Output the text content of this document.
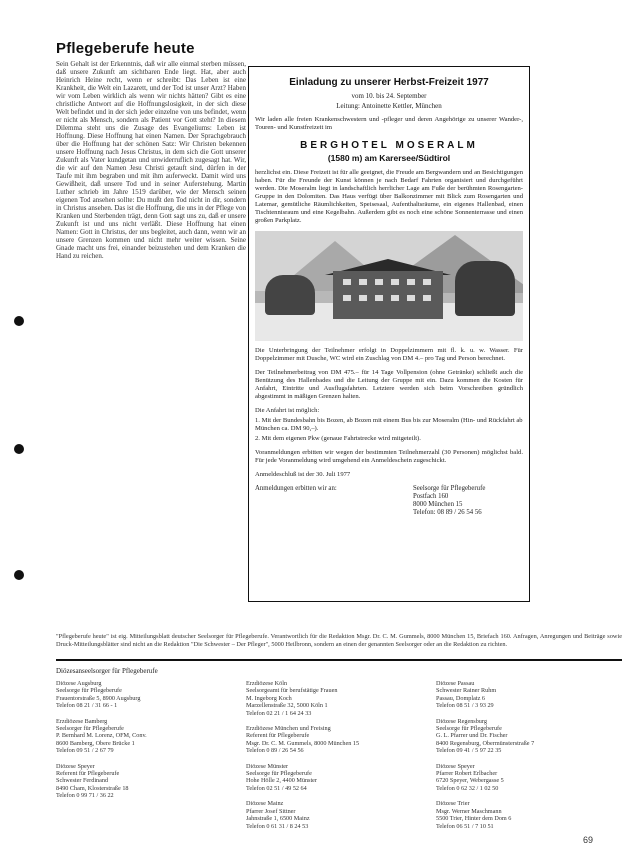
Pflegeberufe heute

Sein Gehalt ist der Erkenntnis, daß wir alle einmal sterben müssen, daß unsere Zukunft am sichtbaren Ende liegt. Hat, aber auch Heinrich Heine recht, wenn er schreibt: Das Leben ist eine Krankheit, die Welt ein Lazarett, und der Tod ist unser Arzt? Haben wir vom Leben wirklich als wenn wir nichts hätten? Gibt es eine christliche Antwort auf die Hoffnungslosigkeit, in der sich diese Welt befindet und in der sich jeder einzelne von uns befindet, wenn er nicht als Mensch, sondern als Patient vor Gott steht? In diesem Dilemma steht uns die Zusage des Evangeliums: Leben ist Hoffnung. Diese Hoffnung hat einen Namen. Der Sprachgebrauch über die Hoffnung hat der schönen Satz: Wir Christen bekennen unsere Hoffnung nach Jesus Christus, in dem sich die Gott unserer Zukunft als Vater kundgetan und unwiderruflich zugesagt hat. Wir, die wir auf den Namen Jesu Christi getauft sind, dürfen in der Taufe mit ihm begraben und mit ihm auferweckt. Damit wird uns Gewißheit, daß unsere Tod und in seiner Auferstehung. Martin Luther schrieb im Jahre 1519 darüber, wie der Mensch seinen eigenen Tod ansehen sollte: Du mußt den Tod nicht in dir, sondern in Christus ansehen. Das ist die Hoffnung, die uns in der Pflege von Kranken und Sterbenden trägt, denn Gott sagt uns zu, daß er unsere Zukunft ist und uns nicht verläßt. Diese Hoffnung hat einen Namen: Gott in Christus, der uns begleitet, auch dann, wenn wir an unsere Grenzen kommen und nicht mehr weiter wissen. Seine Gnade macht uns frei, einander beizustehen und dem Kranken die Hand zu reichen.

Einladung zu unserer Herbst-Freizeit 1977
vom 10. bis 24. September
Leitung: Antoinette Kettler, München
Wir laden alle freien Krankenschwestern und -pfleger und deren Angehörige zu unserer Wander-, Touren- und Kunstfreizeit im
BERGHOTEL MOSERALM
(1580 m) am Karersee/Südtirol
herzlichst ein. Diese Freizeit ist für alle geeignet, die Freude am Bergwandern und an Besichtigungen haben. Für die Freunde der Kunst können je nach Bedarf Fahrten organisiert und durchgeführt werden. Die Moseralm liegt in landschaftlich herrlicher Lage am Fuße der berühmten Rosengarten-Gruppe in den Dolomiten. Das Haus verfügt über Balkonzimmer mit Blick zum Rosengarten und Latemar, gemütliche Räumlichkeiten, Speisesaal, Aufenthaltsräume, ein eigenes Hallenbad, einen Tischtennisraum und eine Kegelbahn. Außerdem gibt es noch eine schöne Sonnenterrasse und einen großen Parkplatz.
Die Unterbringung der Teilnehmer erfolgt in Doppelzimmern mit fl. k. u. w. Wasser. Für Doppelzimmer mit Dusche, WC wird ein Zuschlag von DM 4.– pro Tag und Person berechnet.
Der Teilnehmerbeitrag von DM 475.– für 14 Tage Vollpension (ohne Getränke) schließt auch die Benützung des Hallenbades und die Leitung der Gruppe mit ein. Dazu kommen die Kosten für Anfahrt, Eintritte und Ausflugsfahrten. Letztere werden sich beim Vorschreiben gründlich abgestimmt in mäßigen Grenzen halten.
Die Anfahrt ist möglich:
1. Mit der Bundesbahn bis Bozen, ab Bozen mit einem Bus bis zur Moseralm (Hin- und Rückfahrt ab München ca. DM 90,–).
2. Mit dem eigenen Pkw (genaue Fahrtstrecke wird mitgeteilt).
Voranmeldungen erbitten wir wegen der bestimmten Teilnehmerzahl (30 Personen) möglichst bald. Für jede Voranmeldung wird umgehend ein Anmeldeschein zugeschickt.
Anmeldeschluß ist der 30. Juli 1977
Anmeldungen erbitten wir an:	Seelsorge für Pflegeberufe
Postfach 160
8000 München 15
Telefon: 08 89 / 26 54 56
"Pflegeberufe heute" ist eig. Mitteilungsblatt deutscher Seelsorger für Pflegeberufe. Verantwortlich für die Redaktion Msgr. Dr. C. M. Gummels, 8000 München 15, Briefach 160. Anfragen, Anregungen und Beiträge sowie Druck-Mitteilungsblätter sind nicht an die Redaktion "Die Schwester – Der Pfleger", 5000 Heilbronn, sondern an einen der genannten Seelsorger oder an die Redaktion zu richten.
Diözesanseelsorger für Pflegeberufe
Diözese Augsburg
Seelsorge für Pflegeberufe
Frauentorstraße 5, 8900 Augsburg
Telefon 08 21 / 31 66 - 1
Erzdiözese Bamberg
Seelsorger für Pflegeberufe
P. Bernhard M. Lorenz, OFM, Conv.
8600 Bamberg, Obere Brücke 1
Telefon 09 51 / 2 67 79
Diözese Speyer
Referent für Pflegeberufe
Schwester Ferdinand
8490 Cham, Klosterstraße 18
Telefon 0 99 71 / 36 22
Erzdiözese Köln
Seelsorgeamt für berufstätige Frauen
M. Ingeborg Koch
Marzellenstraße 32, 5000 Köln 1
Telefon 02 21 / 1 64 24 33
Erzdiözese München und Freising
Referent für Pflegeberufe
Msgr. Dr. C. M. Gummels, 8000 München 15
Telefon 0 89 / 26 54 56
Diözese Münster
Seelsorge für Pflegeberufe
Hohe Hölle 2, 4400 Münster
Telefon 02 51 / 49 52 64
Diözese Mainz
Pfarrer Josef Sittner
Jahnstraße 1, 6500 Mainz
Telefon 0 61 31 / 8 24 53
Diözese Passau
Schwester Rainer Ruhm
Passau, Domplatz 6
Telefon 08 51 / 3 93 29
Diözese Regensburg
Seelsorge für Pflegeberufe
G. L. Pfarrer und Dr. Fischer
8400 Regensburg, Obermünsterstraße 7
Telefon 09 41 / 5 97 22 35
Diözese Speyer
Pfarrer Robert Erlbacher
6720 Speyer, Webergasse 5
Telefon 0 62 32 / 1 02 50
Diözese Trier
Msgr. Werner Maschmann
5500 Trier, Hinter dem Dom 6
Telefon 06 51 / 7 10 51
69
